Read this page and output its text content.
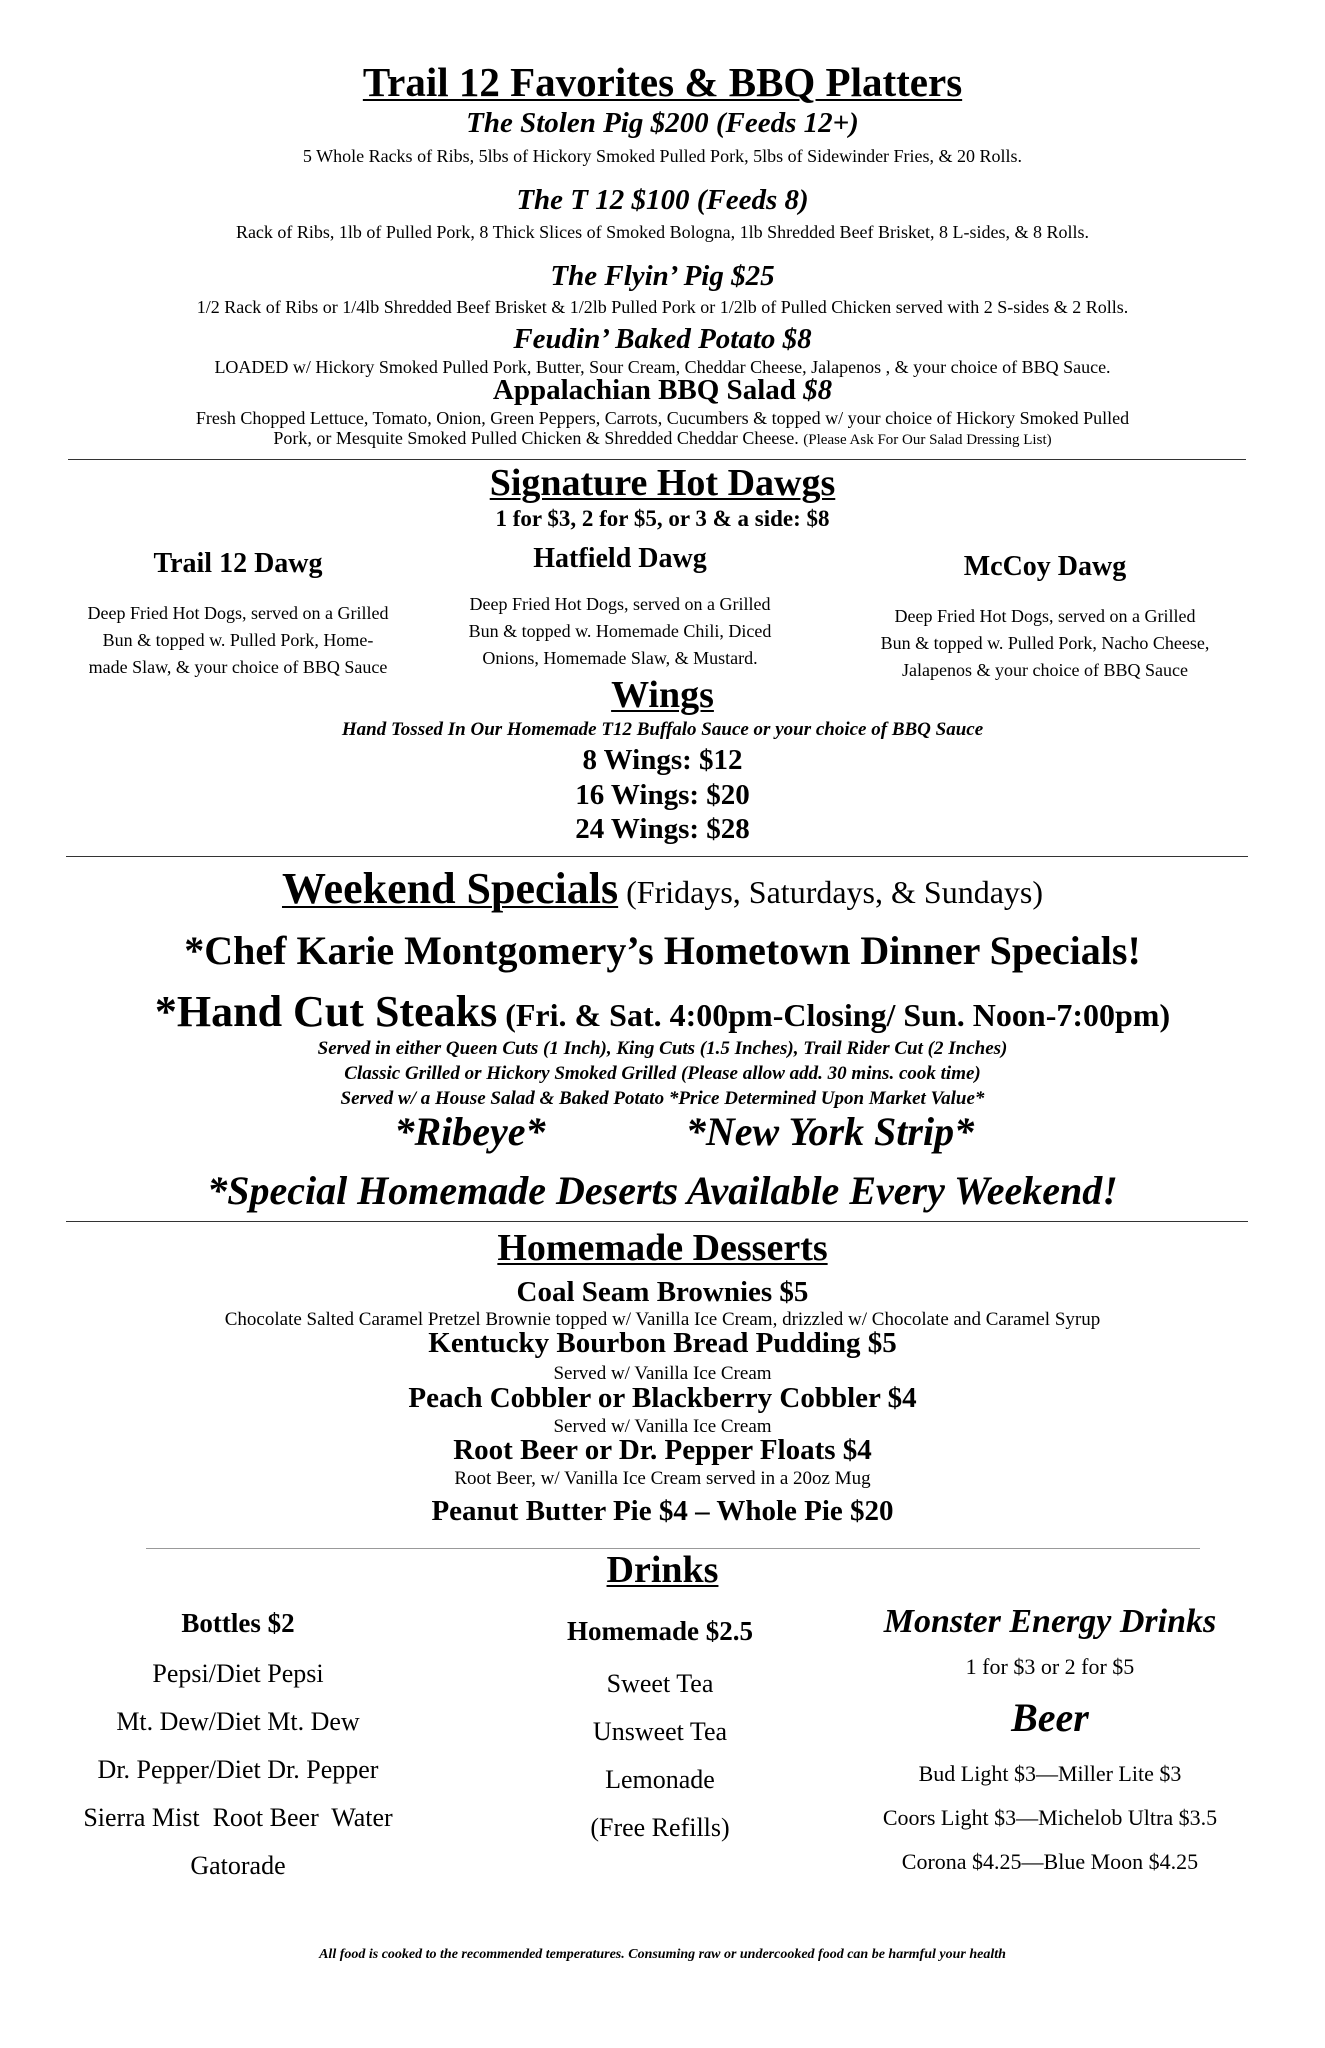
Trail 12 Favorites & BBQ Platters
The Stolen Pig $200 (Feeds 12+)
5 Whole Racks of Ribs, 5lbs of Hickory Smoked Pulled Pork, 5lbs of Sidewinder Fries, & 20 Rolls.
The T 12 $100 (Feeds 8)
Rack of Ribs, 1lb of Pulled Pork, 8 Thick Slices of Smoked Bologna, 1lb Shredded Beef Brisket, 8 L-sides, & 8 Rolls.
The Flyin’ Pig $25
1/2 Rack of Ribs or 1/4lb Shredded Beef Brisket & 1/2lb Pulled Pork or 1/2lb of Pulled Chicken served with 2 S-sides & 2 Rolls.
Feudin’ Baked Potato $8
LOADED w/ Hickory Smoked Pulled Pork, Butter, Sour Cream, Cheddar Cheese, Jalapenos , & your choice of BBQ Sauce.
Appalachian BBQ Salad $8
Fresh Chopped Lettuce, Tomato, Onion, Green Peppers, Carrots, Cucumbers & topped w/ your choice of Hickory Smoked Pulled
Pork, or Mesquite Smoked Pulled Chicken & Shredded Cheddar Cheese. (Please Ask For Our Salad Dressing List)
Signature Hot Dawgs
1 for $3, 2 for $5, or 3 & a side: $8
Trail 12 Dawg
Deep Fried Hot Dogs, served on a Grilled
Bun & topped w. Pulled Pork, Home-
made Slaw, & your choice of BBQ Sauce
Hatfield Dawg
Deep Fried Hot Dogs, served on a Grilled
Bun & topped w. Homemade Chili, Diced
Onions, Homemade Slaw, & Mustard.
McCoy Dawg
Deep Fried Hot Dogs, served on a Grilled
Bun & topped w. Pulled Pork, Nacho Cheese,
Jalapenos & your choice of BBQ Sauce
Wings
Hand Tossed In Our Homemade T12 Buffalo Sauce or your choice of BBQ Sauce
8 Wings: $12
16 Wings: $20
24 Wings: $28
Weekend Specials (Fridays, Saturdays, & Sundays)
*Chef Karie Montgomery’s Hometown Dinner Specials!
*Hand Cut Steaks (Fri. & Sat. 4:00pm-Closing/ Sun. Noon-7:00pm)
Served in either Queen Cuts (1 Inch), King Cuts (1.5 Inches), Trail Rider Cut (2 Inches)
Classic Grilled or Hickory Smoked Grilled (Please allow add. 30 mins. cook time)
Served w/ a House Salad & Baked Potato *Price Determined Upon Market Value*
*Ribeye*	*New York Strip*
*Special Homemade Deserts Available Every Weekend!
Homemade Desserts
Coal Seam Brownies $5
Chocolate Salted Caramel Pretzel Brownie topped w/ Vanilla Ice Cream, drizzled w/ Chocolate and Caramel Syrup
Kentucky Bourbon Bread Pudding $5
Served w/ Vanilla Ice Cream
Peach Cobbler or Blackberry Cobbler $4
Served w/ Vanilla Ice Cream
Root Beer or Dr. Pepper Floats $4
Root Beer, w/ Vanilla Ice Cream served in a 20oz Mug
Peanut Butter Pie $4 – Whole Pie $20
Drinks
Bottles $2
Pepsi/Diet Pepsi
Mt. Dew/Diet Mt. Dew
Dr. Pepper/Diet Dr. Pepper
Sierra Mist  Root Beer  Water
Gatorade
Homemade $2.5
Sweet Tea
Unsweet Tea
Lemonade
(Free Refills)
Monster Energy Drinks
1 for $3 or 2 for $5
Beer
Bud Light $3—Miller Lite $3
Coors Light $3—Michelob Ultra $3.5
Corona $4.25—Blue Moon $4.25
All food is cooked to the recommended temperatures. Consuming raw or undercooked food can be harmful your health
